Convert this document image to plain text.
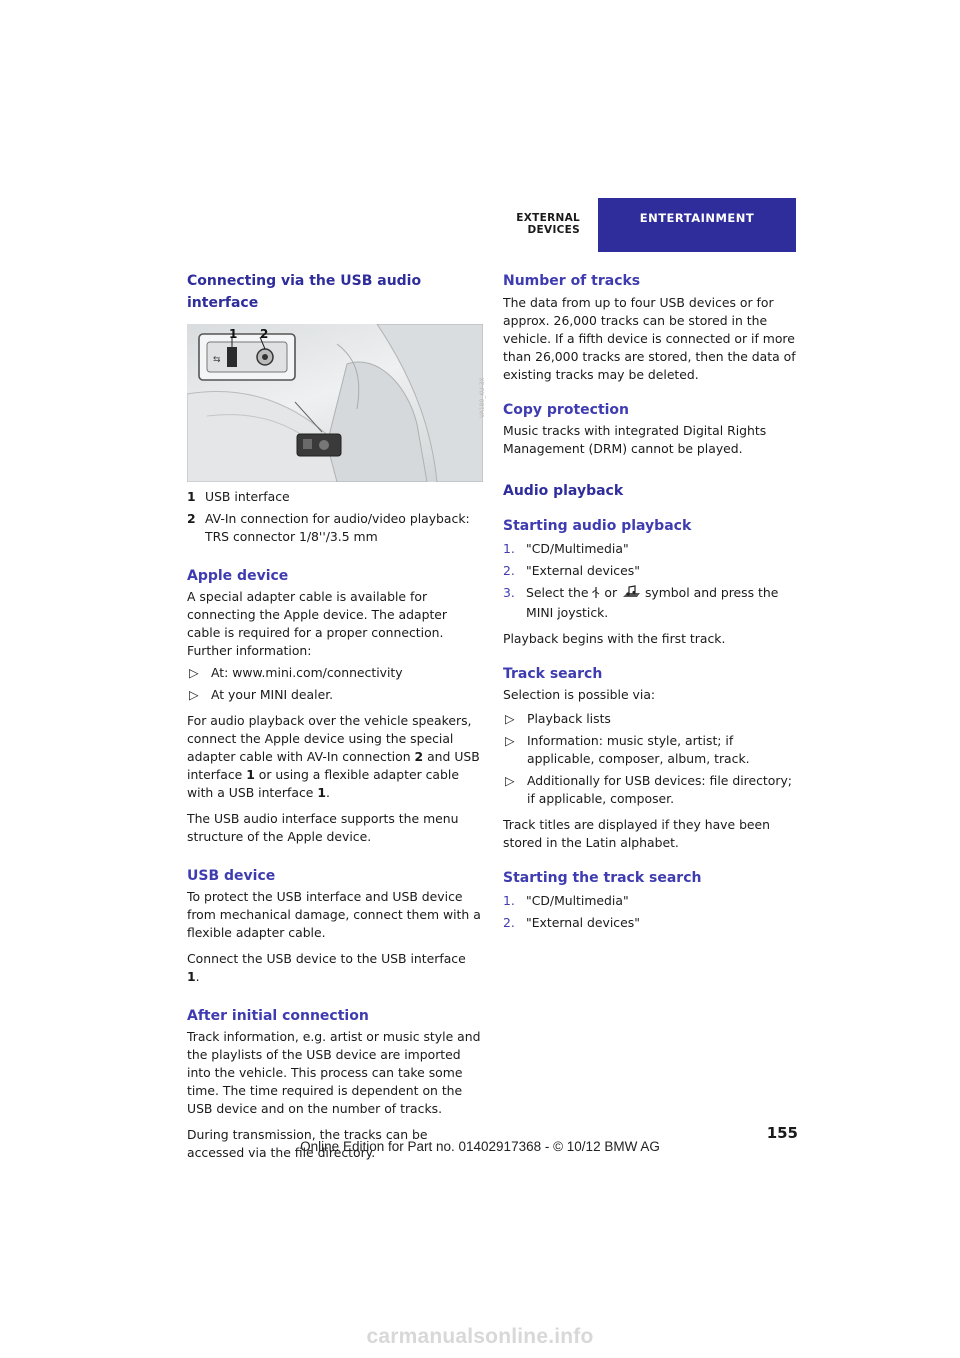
EXTERNAL DEVICES
ENTERTAINMENT
Connecting via the USB audio interface
⇆
1 2
1 USB interface
2 AV-In connection for audio/video playback: TRS connector 1/8''/3.5 mm
Apple device

A special adapter cable is available for connecting the Apple device. The adapter cable is required for a proper connection.

Further information:

▷	At: www.mini.com/connectivity
▷	At your MINI dealer.

For audio playback over the vehicle speakers, connect the Apple device using the special adapter cable with AV-In connection 2 and USB interface 1 or using a flexible adapter cable with a USB interface 1.

The USB audio interface supports the menu structure of the Apple device.

USB device

To protect the USB interface and USB device from mechanical damage, connect them with a flexible adapter cable.

Connect the USB device to the USB interface 1.

After initial connection

Track information, e.g. artist or music style and the playlists of the USB device are imported into the vehicle. This process can take some time. The time required is dependent on the USB device and on the number of tracks.

During transmission, the tracks can be accessed via the file directory.

Number of tracks

The data from up to four USB devices or for approx. 26,000 tracks can be stored in the vehicle. If a fifth device is connected or if more than 26,000 tracks are stored, then the data of existing tracks may be deleted.

Copy protection

Music tracks with integrated Digital Rights Management (DRM) cannot be played.

Audio playback
Starting audio playback
1. "CD/Multimedia"
2. "External devices"
3. Select the  or  symbol and press the MINI joystick.

Playback begins with the first track.

Track search

Selection is possible via:

▷	Playback lists
▷	Information: music style, artist; if applicable, composer, album, track.
▷	Additionally for USB devices: file directory; if applicable, composer.

Track titles are displayed if they have been stored in the Latin alphabet.

Starting the track search
1. "CD/Multimedia"
2. "External devices"
VA180_KU-3X
155
Online Edition for Part no. 01402917368 - © 10/12 BMW AG
carmanualsonline.info
